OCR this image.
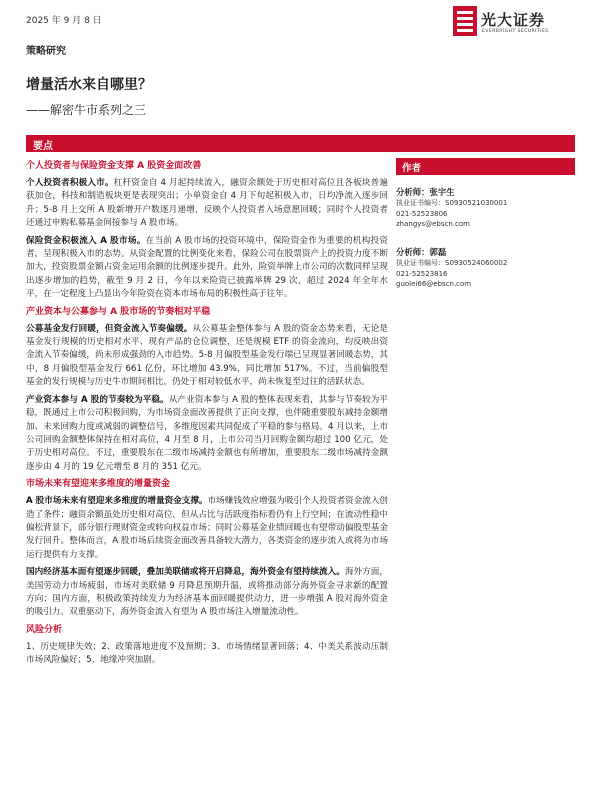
2025 年 9 月 8 日	光大证券
EVERBRIGHT SECURITIES
策略研究
增量活水来自哪里？
——解密牛市系列之三
要点
作者
个人投资者与保险资金支撑 A 股资金面改善

个人投资者积极入市。杠杆资金自 4 月起持续流入，融资余额处于历史相对高位且各板块普遍获加仓，科技和制造板块更是表现突出；小单资金自 4 月下旬起积极入市，日均净流入逐步回升；5-8 月上交所 A 股新增开户数逐月递增，反映个人投资者入场意愿回暖；同时个人投资者还通过申购私募基金间接参与 A 股市场。

保险资金积极流入 A 股市场。在当前 A 股市场的投资环境中，保险资金作为重要的机构投资者，呈现积极入市的态势。从资金配置的比例变化来看，保险公司在股票资产上的投资力度不断加大，投资股票金额占资金运用余额的比例逐步提升。此外，险资举牌上市公司的次数同样呈现出逐步增加的趋势，截至 9 月 2 日，今年以来险资已披露举牌 29 次，超过 2024 年全年水平，在一定程度上凸显出今年险资在资本市场布局的积极性高于往年。

产业资本与公募参与 A 股市场的节奏相对平稳

公募基金发行回暖，但资金流入节奏偏缓。从公募基金整体参与 A 股的资金态势来看，无论是基金发行规模的历史相对水平、现有产品的仓位调整，还是规模 ETF 的资金流向，均反映出资金流入节奏偏缓，尚未形成强劲的入市趋势。5-8 月偏股型基金发行端已呈现显著回暖态势，其中，8 月偏股型基金发行 661 亿份，环比增加 43.9%，同比增加 517%。不过，当前偏股型基金的发行规模与历史牛市期间相比，仍处于相对较低水平，尚未恢复至过往的活跃状态。

产业资本参与 A 股的节奏较为平稳。从产业资本参与 A 股的整体表现来看，其参与节奏较为平稳，既通过上市公司积极回购，为市场资金面改善提供了正向支撑，也伴随重要股东减持金额增加、未来回购力度或减弱的调整信号，多维度因素共同促成了平稳的参与格局。4 月以来，上市公司回购金额整体保持在相对高位，4 月至 8 月，上市公司当月回购金额均超过 100 亿元，处于历史相对高位。不过，重要股东在二级市场减持金额也有所增加，重要股东二级市场减持金额逐步由 4 月的 19 亿元增至 8 月的 351 亿元。

市场未来有望迎来多维度的增量资金

A 股市场未来有望迎来多维度的增量资金支撑。市场赚钱效应增强为吸引个人投资者资金流入创造了条件；融资余额虽处历史相对高位，但从占比与活跃度指标看仍有上行空间；在流动性稳中偏松背景下，部分银行理财资金或转向权益市场；同时公募基金业绩回暖也有望带动偏股型基金发行回升。整体而言，A 股市场后续资金面改善具备较大潜力，各类资金的逐步流入或将为市场运行提供有力支撑。

国内经济基本面有望逐步回暖，叠加美联储或将开启降息，海外资金有望持续流入。海外方面，美国劳动力市场疲弱，市场对美联储 9 月降息预期升温，或将推动部分海外资金寻求新的配置方向；国内方面，积极政策持续发力为经济基本面回暖提供动力，进一步增强 A 股对海外资金的吸引力。双重驱动下，海外资金流入有望为 A 股市场注入增量流动性。

风险分析

1、历史规律失效；2、政策落地进度不及预期；3、市场情绪显著回落；4、中美关系波动压制市场风险偏好；5、地缘冲突加剧。

分析师：张宇生
执业证书编号：S0930521030001
021-52523806
zhangys@ebscn.com
分析师：郭磊
执业证书编号：S0930524060002
021-52523816
guolei66@ebscn.com
